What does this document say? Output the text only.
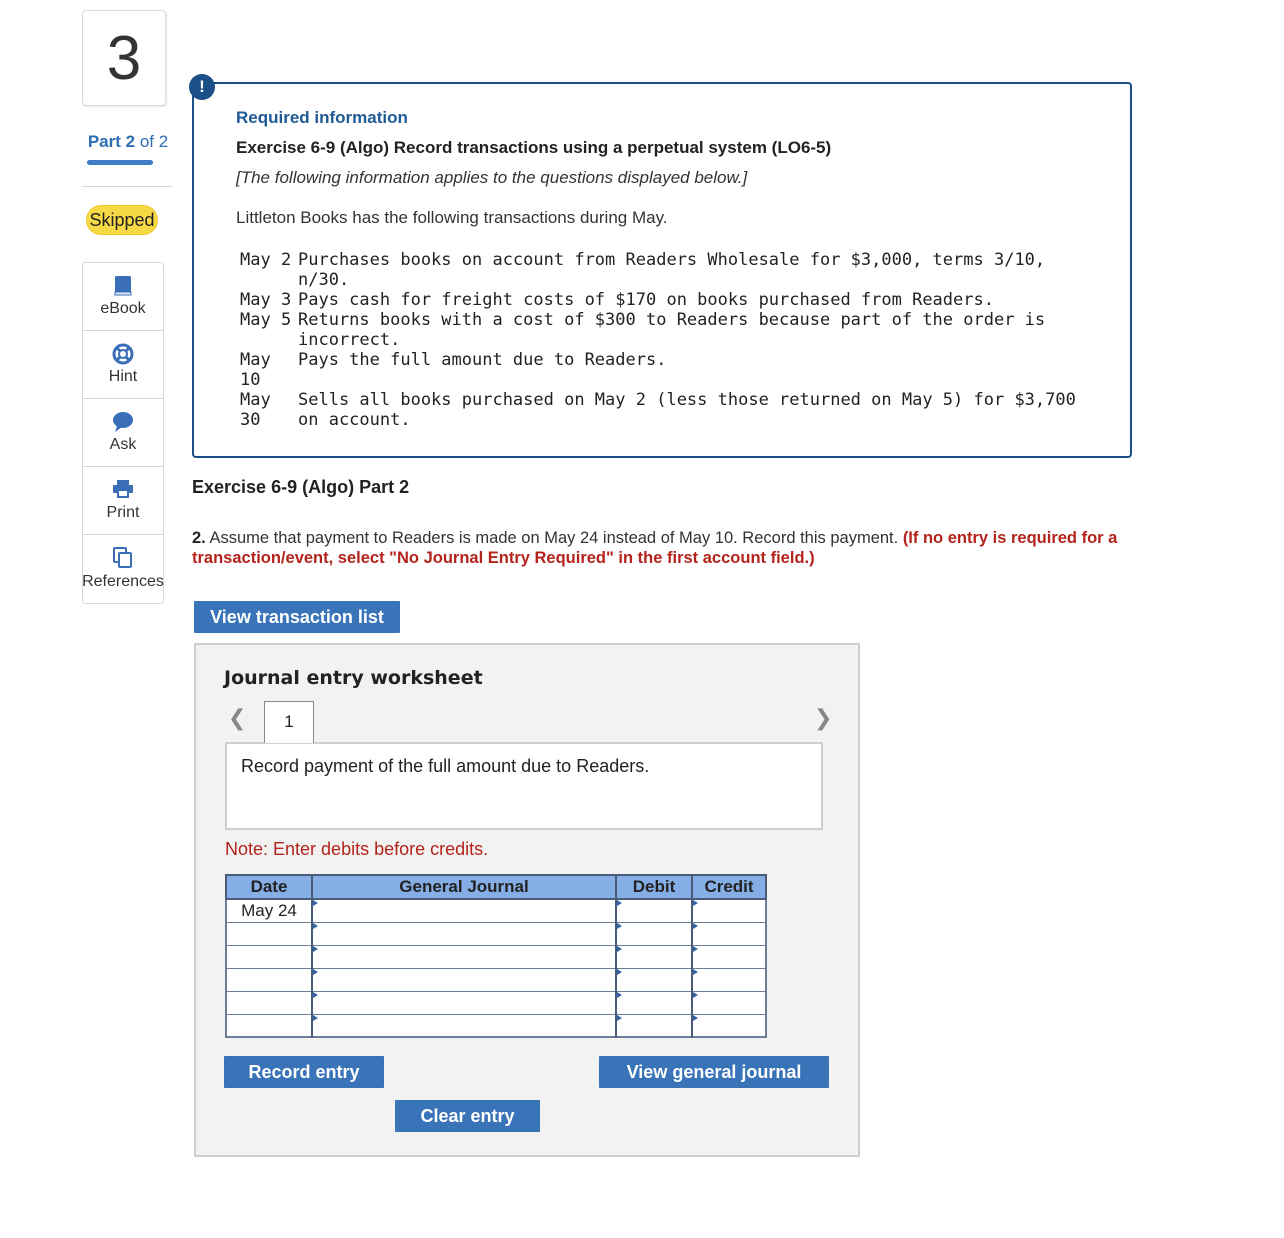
3
Part 2 of 2
Skipped
eBook
Hint
Ask
Print
References
!
Required information
Exercise 6-9 (Algo) Record transactions using a perpetual system (LO6-5)
[The following information applies to the questions displayed below.]
Littleton Books has the following transactions during May.
May 2	Purchases books on account from Readers Wholesale for $3,000, terms 3/10, n/30.
May 3	Pays cash for freight costs of $170 on books purchased from Readers.
May 5	Returns books with a cost of $300 to Readers because part of the order is incorrect.
May 10	Pays the full amount due to Readers.
May 30	Sells all books purchased on May 2 (less those returned on May 5) for $3,700 on account.
Exercise 6-9 (Algo) Part 2
2. Assume that payment to Readers is made on May 24 instead of May 10. Record this payment. (If no entry is required for a transaction/event, select "No Journal Entry Required" in the first account field.)
View transaction list
Journal entry worksheet
❮	1	❯
Record payment of the full amount due to Readers.
Note: Enter debits before credits.
Date	General Journal	Debit	Credit
May 24			

Record entry	View general journal
Clear entry
